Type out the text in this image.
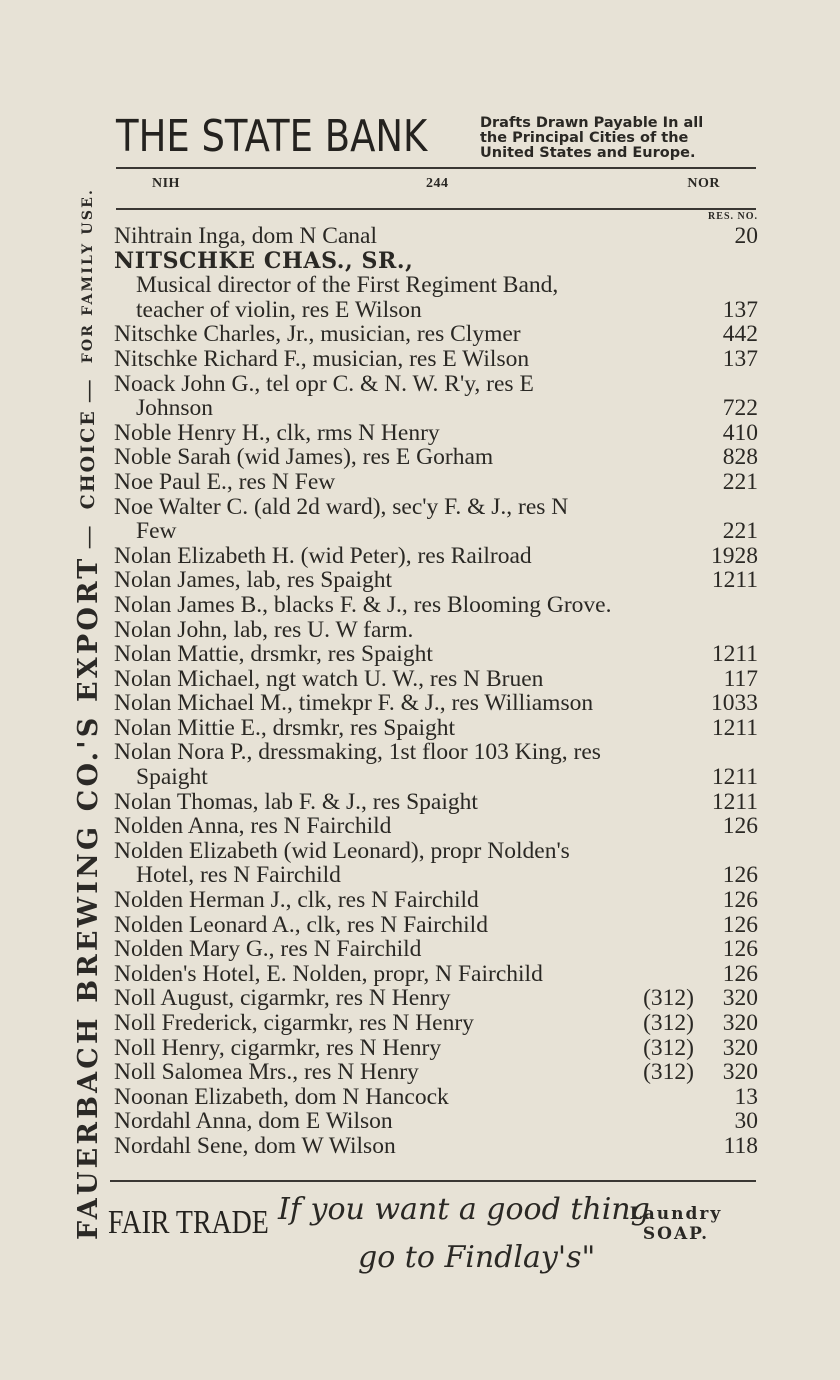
FAUERBACH BREWING CO.'S EXPORT
—
CHOICE
—
FOR FAMILY USE.
THE STATE BANK	Drafts Drawn Payable In all
the Principal Cities of the
United States and Europe.
NIH	244	NOR
RES. NO.
Nihtrain Inga, dom N Canal	20
NITSCHKE CHAS., SR.,
Musical director of the First Regiment Band,
teacher of violin, res E Wilson	137
Nitschke Charles, Jr., musician, res Clymer	442
Nitschke Richard F., musician, res E Wilson	137
Noack John G., tel opr C. & N. W. R'y, res E
Johnson	722
Noble Henry H., clk, rms N Henry	410
Noble Sarah (wid James), res E Gorham	828
Noe Paul E., res N Few	221
Noe Walter C. (ald 2d ward), sec'y F. & J., res N
Few	221
Nolan Elizabeth H. (wid Peter), res Railroad	1928
Nolan James, lab, res Spaight	1211
Nolan James B., blacks F. & J., res Blooming Grove.
Nolan John, lab, res U. W farm.
Nolan Mattie, drsmkr, res Spaight	1211
Nolan Michael, ngt watch U. W., res N Bruen	117
Nolan Michael M., timekpr F. & J., res Williamson	1033
Nolan Mittie E., drsmkr, res Spaight	1211
Nolan Nora P., dressmaking, 1st floor 103 King, res
Spaight	1211
Nolan Thomas, lab F. & J., res Spaight	1211
Nolden Anna, res N Fairchild	126
Nolden Elizabeth (wid Leonard), propr Nolden's
Hotel, res N Fairchild	126
Nolden Herman J., clk, res N Fairchild	126
Nolden Leonard A., clk, res N Fairchild	126
Nolden Mary G., res N Fairchild	126
Nolden's Hotel, E. Nolden, propr, N Fairchild	126
Noll August, cigarmkr, res N Henry	(312) 320
Noll Frederick, cigarmkr, res N Henry	(312) 320
Noll Henry, cigarmkr, res N Henry	(312) 320
Noll Salomea Mrs., res N Henry	(312) 320
Noonan Elizabeth, dom N Hancock	13
Nordahl Anna, dom E Wilson	30
Nordahl Sene, dom W Wilson	118
FAIR TRADE If you want a good thing
go to Findlay's"
Laundry
SOAP.
